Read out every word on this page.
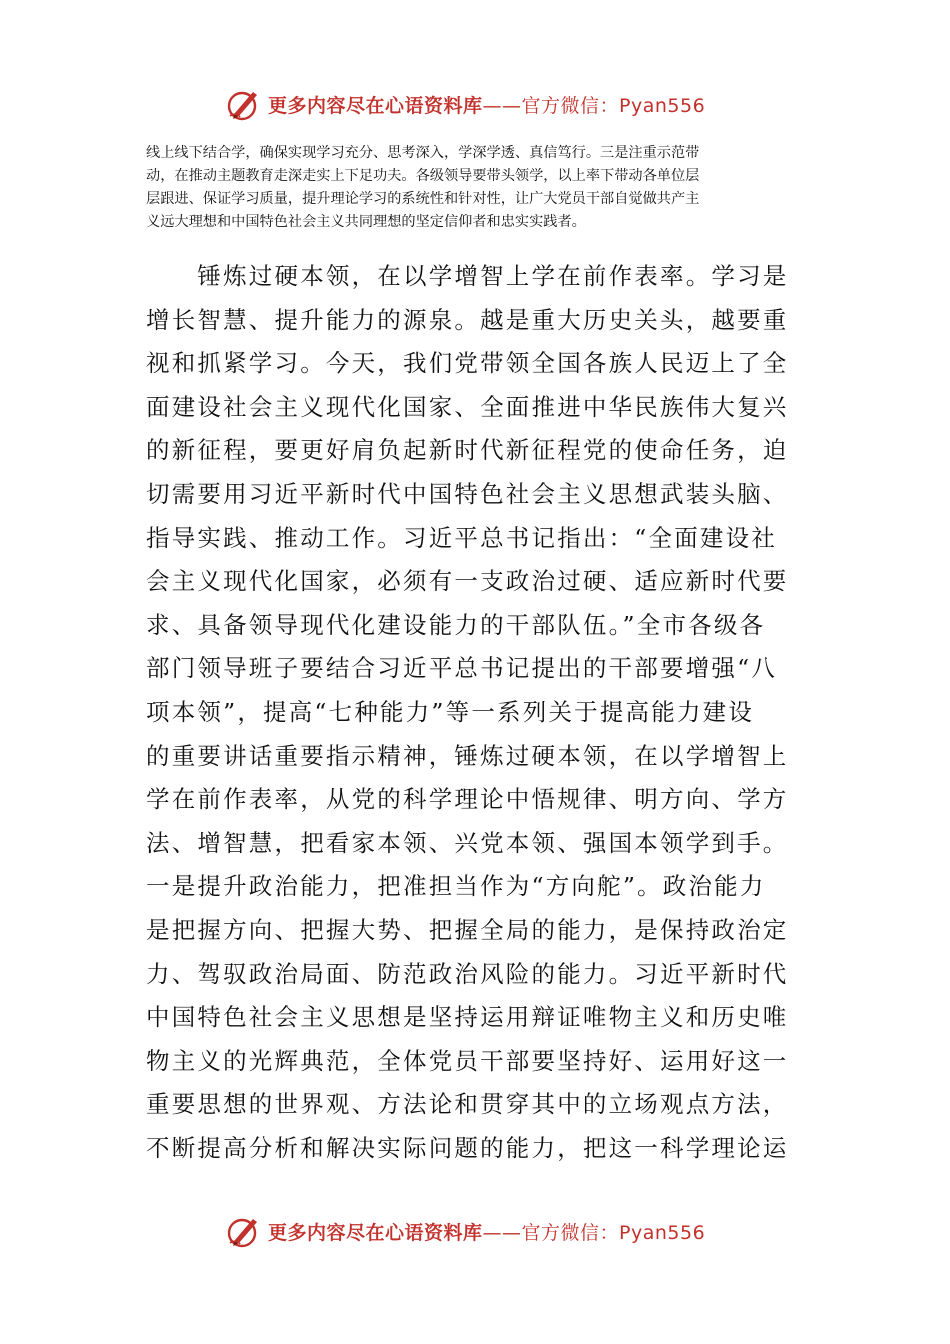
更多内容尽在心语资料库——官方微信：Pyan556
线上线下结合学，确保实现学习充分、思考深入，学深学透、真信笃行。三是注重示范带
动，在推动主题教育走深走实上下足功夫。各级领导要带头领学，以上率下带动各单位层
层跟进、保证学习质量，提升理论学习的系统性和针对性，让广大党员干部自觉做共产主
义远大理想和中国特色社会主义共同理想的坚定信仰者和忠实实践者。
　　锤炼过硬本领，在以学增智上学在前作表率。学习是
增长智慧、提升能力的源泉。越是重大历史关头，越要重
视和抓紧学习。今天，我们党带领全国各族人民迈上了全
面建设社会主义现代化国家、全面推进中华民族伟大复兴
的新征程，要更好肩负起新时代新征程党的使命任务，迫
切需要用习近平新时代中国特色社会主义思想武装头脑、
指导实践、推动工作。习近平总书记指出：“全面建设社
会主义现代化国家，必须有一支政治过硬、适应新时代要
求、具备领导现代化建设能力的干部队伍。”全市各级各
部门领导班子要结合习近平总书记提出的干部要增强“八
项本领”，提高“七种能力”等一系列关于提高能力建设
的重要讲话重要指示精神，锤炼过硬本领，在以学增智上
学在前作表率，从党的科学理论中悟规律、明方向、学方
法、增智慧，把看家本领、兴党本领、强国本领学到手。
一是提升政治能力，把准担当作为“方向舵”。政治能力
是把握方向、把握大势、把握全局的能力，是保持政治定
力、驾驭政治局面、防范政治风险的能力。习近平新时代
中国特色社会主义思想是坚持运用辩证唯物主义和历史唯
物主义的光辉典范，全体党员干部要坚持好、运用好这一
重要思想的世界观、方法论和贯穿其中的立场观点方法，
不断提高分析和解决实际问题的能力，把这一科学理论运
更多内容尽在心语资料库——官方微信：Pyan556
